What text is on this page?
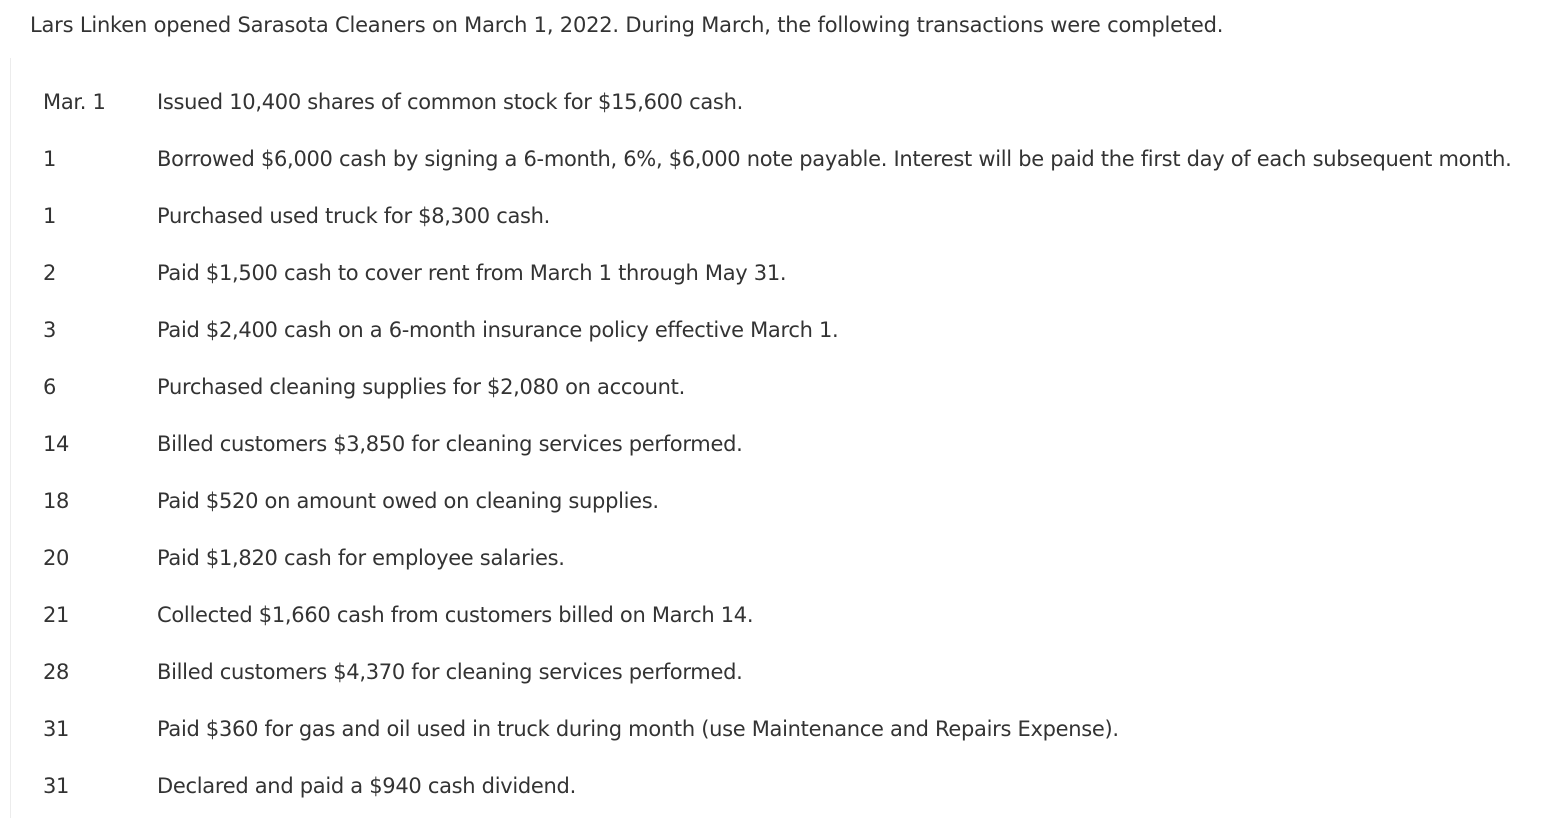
Lars Linken opened Sarasota Cleaners on March 1, 2022. During March, the following transactions were completed.
Mar. 1	Issued 10,400 shares of common stock for $15,600 cash.
1	Borrowed $6,000 cash by signing a 6-month, 6%, $6,000 note payable. Interest will be paid the first day of each subsequent month.
1	Purchased used truck for $8,300 cash.
2	Paid $1,500 cash to cover rent from March 1 through May 31.
3	Paid $2,400 cash on a 6-month insurance policy effective March 1.
6	Purchased cleaning supplies for $2,080 on account.
14	Billed customers $3,850 for cleaning services performed.
18	Paid $520 on amount owed on cleaning supplies.
20	Paid $1,820 cash for employee salaries.
21	Collected $1,660 cash from customers billed on March 14.
28	Billed customers $4,370 for cleaning services performed.
31	Paid $360 for gas and oil used in truck during month (use Maintenance and Repairs Expense).
31	Declared and paid a $940 cash dividend.
